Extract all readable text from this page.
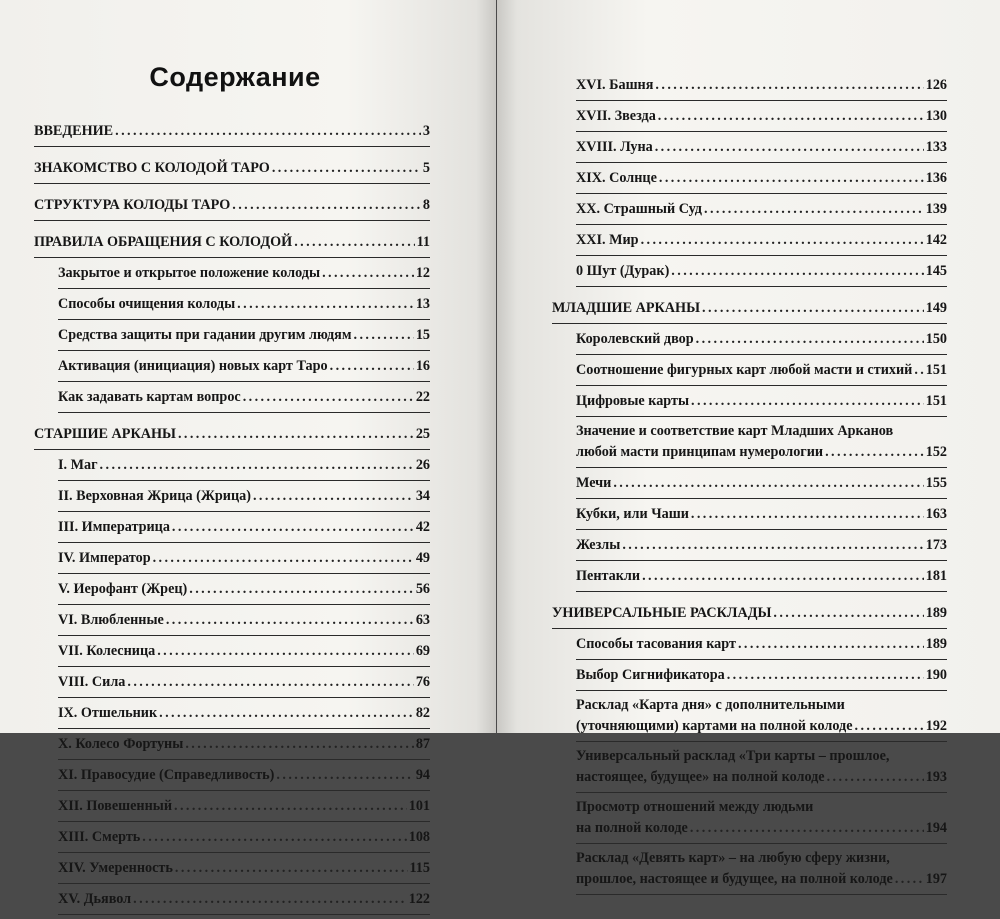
Содержание
ВВЕДЕНИЕ .....	3
ЗНАКОМСТВО С КОЛОДОЙ ТАРО .....	5
СТРУКТУРА КОЛОДЫ ТАРО .....	8
ПРАВИЛА ОБРАЩЕНИЯ С КОЛОДОЙ .....	11
Закрытое и открытое положение колоды .....	12
Способы очищения колоды .....	13
Средства защиты при гадании другим людям .....	15
Активация (инициация) новых карт Таро .....	16
Как задавать картам вопрос .....	22
СТАРШИЕ АРКАНЫ .....	25
I. Маг .....	26
II. Верховная Жрица (Жрица) .....	34
III. Императрица .....	42
IV. Император .....	49
V. Иерофант (Жрец) .....	56
VI. Влюбленные .....	63
VII. Колесница .....	69
VIII. Сила .....	76
IX. Отшельник .....	82
X. Колесо Фортуны .....	87
XI. Правосудие (Справедливость) .....	94
XII. Повешенный .....	101
XIII. Смерть .....	108
XIV. Умеренность .....	115
XV. Дьявол .....	122
XVI. Башня .....	126
XVII. Звезда .....	130
XVIII. Луна .....	133
XIX. Солнце .....	136
XX. Страшный Суд .....	139
XXI. Мир .....	142
0 Шут (Дурак) .....	145
МЛАДШИЕ АРКАНЫ .....	149
Королевский двор .....	150
Соотношение фигурных карт любой масти и стихий ..... 151
Цифровые карты .....	151
Значение и соответствие карт Младших Арканов
любой масти принципам нумерологии .....	152
Мечи .....	155
Кубки, или Чаши .....	163
Жезлы .....	173
Пентакли .....	181
УНИВЕРСАЛЬНЫЕ РАСКЛАДЫ .....	189
Способы тасования карт .....	189
Выбор Сигнификатора .....	190
Расклад «Карта дня» с дополнительными
(уточняющими) картами на полной колоде .....	192
Универсальный расклад «Три карты – прошлое,
настоящее, будущее» на полной колоде .....	193
Просмотр отношений между людьми
на полной колоде .....	194
Расклад «Девять карт» – на любую сферу жизни,
прошлое, настоящее и будущее, на полной колоде ..... 197
